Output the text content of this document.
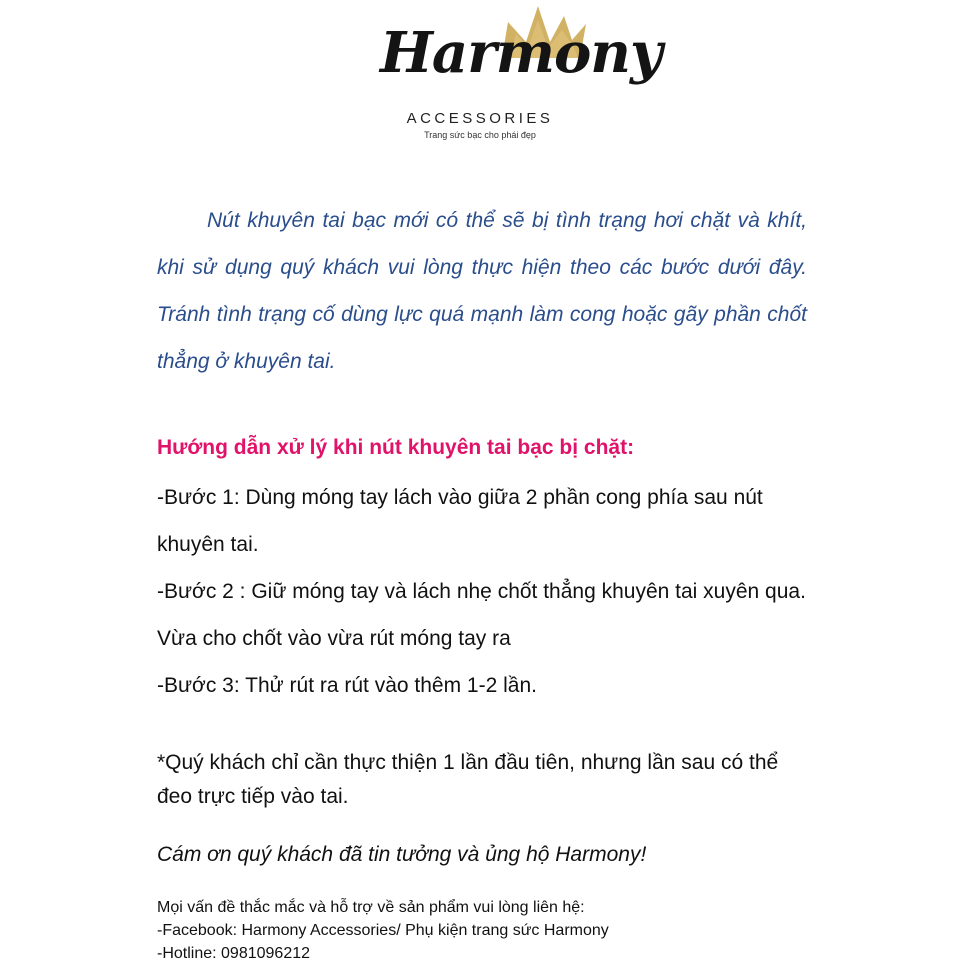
Harmony
ACCESSORIES
Trang sức bạc cho phái đẹp

Nút khuyên tai bạc mới có thể sẽ bị tình trạng hơi chặt và khít, khi sử dụng quý khách vui lòng thực hiện theo các bước dưới đây. Tránh tình trạng cố dùng lực quá mạnh làm cong hoặc gãy phần chốt thẳng ở khuyên tai.

Hướng dẫn xử lý khi nút khuyên tai bạc bị chặt:

-Bước 1: Dùng móng tay lách vào giữa 2 phần cong phía sau nút khuyên tai.

-Bước 2 : Giữ móng tay và lách nhẹ chốt thẳng khuyên tai xuyên qua. Vừa cho chốt vào vừa rút móng tay ra

-Bước 3: Thử rút ra rút vào thêm 1-2 lần.

*Quý khách chỉ cần thực thiện 1 lần đầu tiên, nhưng lần sau có thể đeo trực tiếp vào tai.

Cám ơn quý khách đã tin tưởng và ủng hộ Harmony!

Mọi vấn đề thắc mắc và hỗ trợ về sản phẩm vui lòng liên hệ:
-Facebook: Harmony Accessories/ Phụ kiện trang sức Harmony
-Hotline: 0981096212
